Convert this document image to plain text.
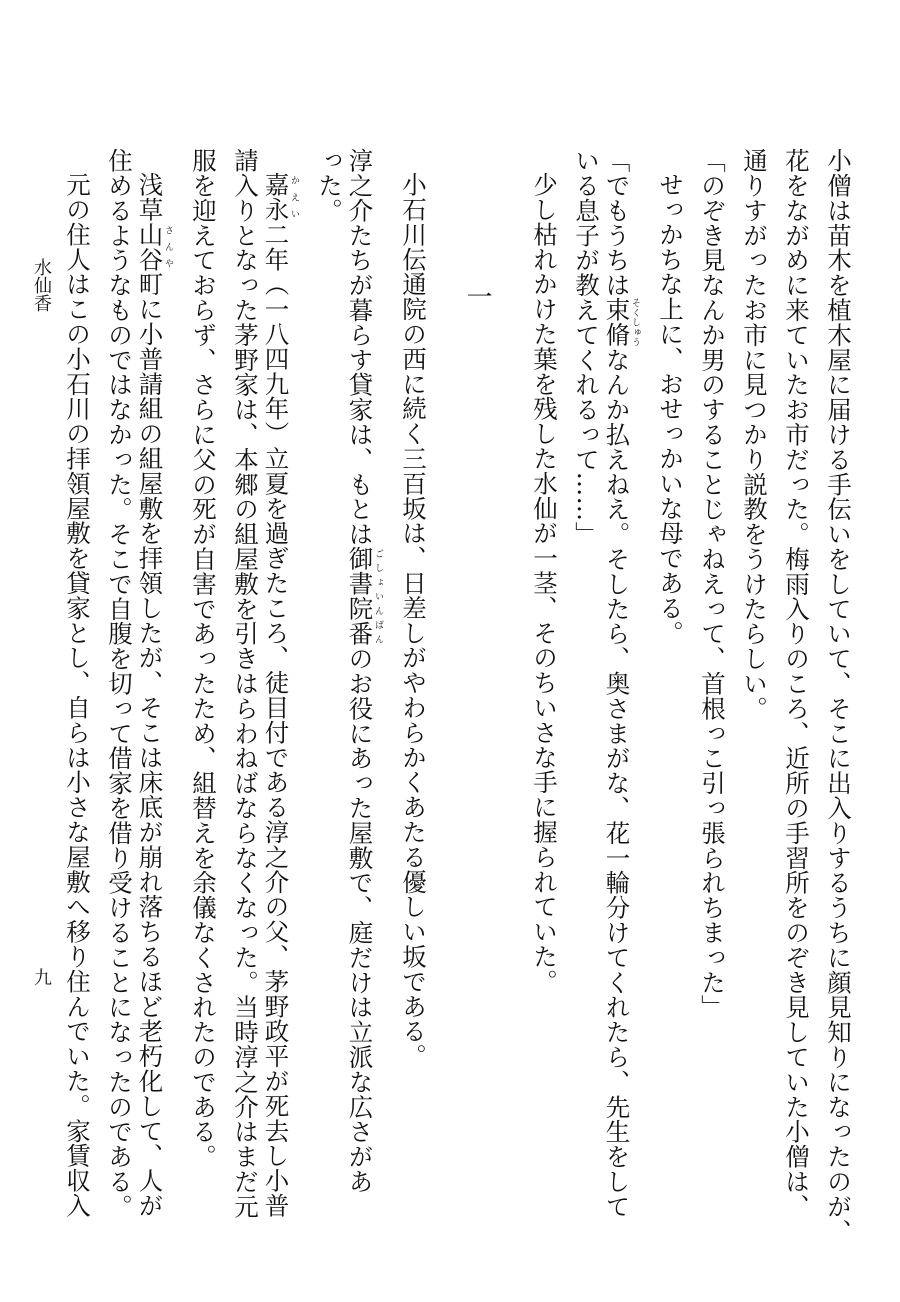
小僧は苗木を植木屋に届ける手伝いをしていて、そこに出入りするうちに顔見知りになったのが、
花をながめに来ていたお市だった。梅雨入りのころ、近所の手習所をのぞき見していた小僧は、
通りすがったお市に見つかり説教をうけたらしい。
「のぞき見なんか男のすることじゃねえって、首根っこ引っ張られちまった」
せっかちな上に、おせっかいな母である。
「でもうちは束脩そくしゅうなんか払えねえ。そしたら、奥さまがな、花一輪分けてくれたら、先生をして
いる息子が教えてくれるって……」
少し枯れかけた葉を残した水仙が一茎、そのちいさな手に握られていた。
一
小石川伝通院の西に続く三百坂は、日差しがやわらかくあたる優しい坂である。
淳之介たちが暮らす貸家は、もとは御書院番ごしょいんばんのお役にあった屋敷で、庭だけは立派な広さがあ
った。
嘉永かえい二年（一八四九年）立夏を過ぎたころ、徒目付である淳之介の父、茅野政平が死去し小普
請入りとなった茅野家は、本郷の組屋敷を引きはらわねばならなくなった。当時淳之介はまだ元
服を迎えておらず、さらに父の死が自害であったため、組替えを余儀なくされたのである。
浅草山谷さんや町に小普請組の組屋敷を拝領したが、そこは床底が崩れ落ちるほど老朽化して、人が
住めるようなものではなかった。そこで自腹を切って借家を借り受けることになったのである。
元の住人はこの小石川の拝領屋敷を貸家とし、自らは小さな屋敷へ移り住んでいた。家賃収入
水仙香
九
